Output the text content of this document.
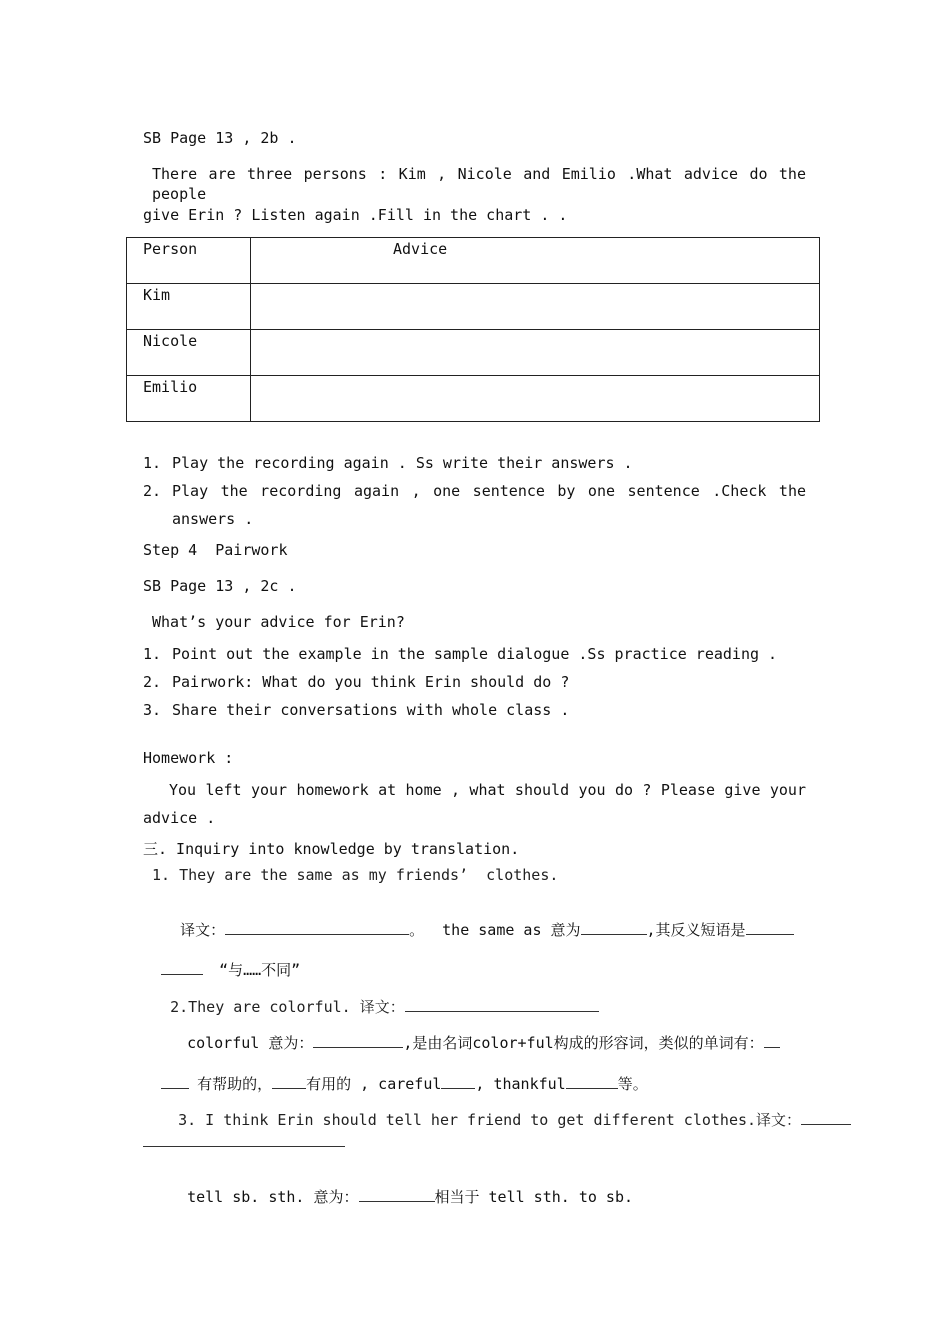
SB Page 13 , 2b .
There are three persons : Kim , Nicole and Emilio .What advice do the people
give Erin ? Listen again .Fill in the chart . .
Person	Advice
Kim	
Nicole	
Emilio	
1. Play the recording again . Ss write their answers .
2. Play the recording again , one sentence by one sentence .Check the
answers .
Step 4  Pairwork
SB Page 13 , 2c .
What’s your advice for Erin?
1. Point out the example in the sample dialogue .Ss practice reading .
2. Pairwork: What do you think Erin should do ?
3. Share their conversations with whole class .
Homework :
You left your homework at home , what should you do ? Please give your
advice .
三. Inquiry into knowledge by translation.
1. They are the same as my friends’  clothes.

译文：	。  the same as 意为	,其反义短语是

“与……不同”

2.They are colorful. 译文：

colorful 意为：	,是由名词color+ful构成的形容词，类似的单词有：

有帮助的， 有用的 , careful , thankful	等。

3. I think Erin should tell her friend to get different clothes.译文：

tell sb. sth. 意为：	相当于 tell sth. to sb.
